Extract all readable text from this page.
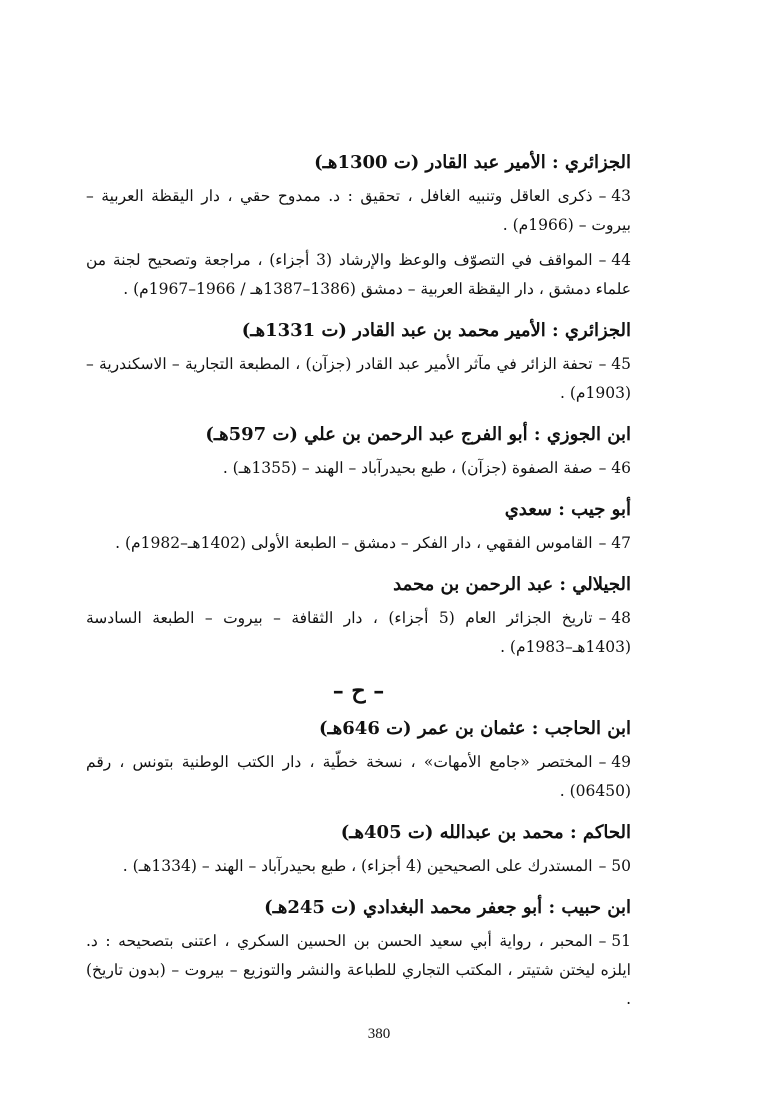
الجزائري : الأمير عبد القادر (ت 1300هـ)

43 –ذكرى العاقل وتنبيه الغافل ، تحقيق : د. ممدوح حقي ، دار اليقظة العربية – بيروت – (1966م) .

44 –المواقف في التصوّف والوعظ والإرشاد (3 أجزاء) ، مراجعة وتصحيح لجنة من علماء دمشق ، دار اليقظة العربية – دمشق (1386–1387هـ / 1966–1967م) .

الجزائري : الأمير محمد بن عبد القادر (ت 1331هـ)

45 –تحفة الزائر في مآثر الأمير عبد القادر (جزآن) ، المطبعة التجارية – الاسكندرية – (1903م) .

ابن الجوزي : أبو الفرج عبد الرحمن بن علي (ت 597هـ)

46 –صفة الصفوة (جزآن) ، طبع بحيدرآباد – الهند – (1355هـ) .

أبو جيب : سعدي

47 –القاموس الفقهي ، دار الفكر – دمشق – الطبعة الأولى (1402هـ–1982م) .

الجيلالي : عبد الرحمن بن محمد

48 –تاريخ الجزائر العام (5 أجزاء) ، دار الثقافة – بيروت – الطبعة السادسة (1403هـ–1983م) .

– ح –

ابن الحاجب : عثمان بن عمر (ت 646هـ)

49 –المختصر «جامع الأمهات» ، نسخة خطّية ، دار الكتب الوطنية بتونس ، رقم (06450) .

الحاكم : محمد بن عبدالله (ت 405هـ)

50 –المستدرك على الصحيحين (4 أجزاء) ، طبع بحيدرآباد – الهند – (1334هـ) .

ابن حبيب : أبو جعفر محمد البغدادي (ت 245هـ)

51 –المحبر ، رواية أبي سعيد الحسن بن الحسين السكري ، اعتنى بتصحيحه : د. ايلزه ليختن شتيتر ، المكتب التجاري للطباعة والنشر والتوزيع – بيروت – (بدون تاريخ) .

380
